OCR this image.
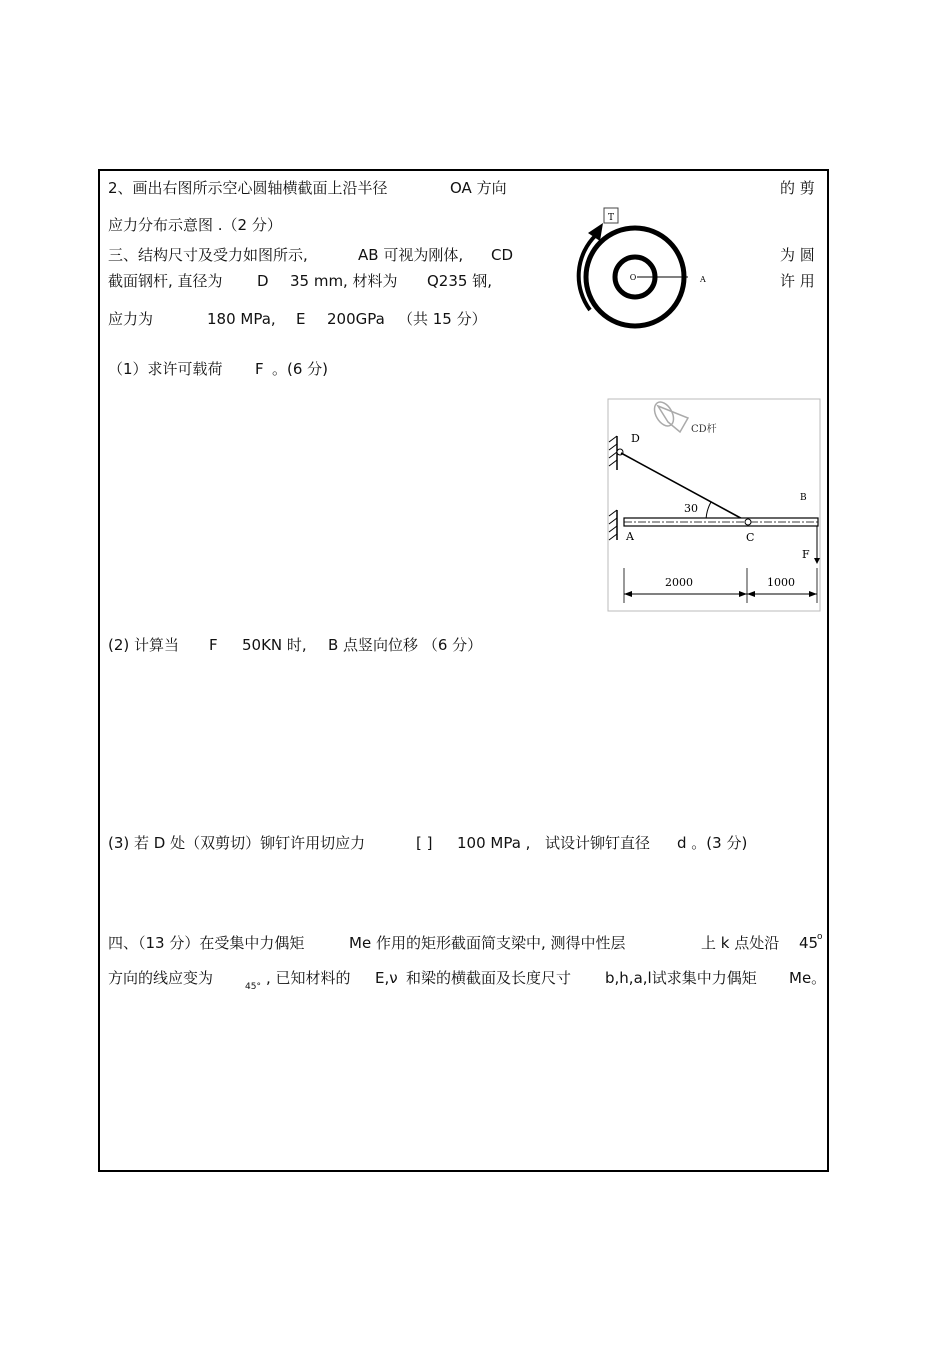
2、画出右图所示空心圆轴横截面上沿半径	OA 方向	的 剪
应力分布示意图 .（2 分）
三、结构尺寸及受力如图所示,	AB 可视为刚体, CD	为 圆
截面钢杆, 直径为 D 35 mm , 材料为 Q235 钢,	许 用
应力为	180 MPa, E 200GPa （共 15 分）
（1）求许可载荷 F 。(6 分)
(2) 计算当 F 50KN 时, B 点竖向位移 （6 分）
(3) 若 D 处（双剪切）铆钉许用切应力	[ ] 100 MPa , 试设计铆钉直径 d 。(3 分)
四、（13 分）在受集中力偶矩	Me 作用的矩形截面简支梁中, 测得中性层	上 k 点处沿 45
o
方向的线应变为	45° , 已知材料的 E,ν 和梁的横截面及长度尺寸 b,h,a,l试求集中力偶矩 Me。
T
O	A
CD杆
D
30
A	C
B
F
2000	1000
